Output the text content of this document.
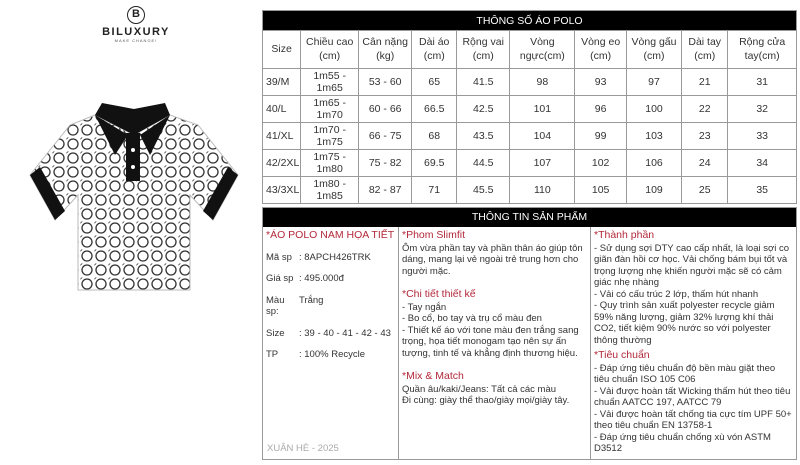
B
BILUXURY
MAKE CHANGE!
THÔNG SỐ ÁO POLO									
Size	Chiều cao (cm)	Cân nặng (kg)	Dài áo (cm)	Rộng vai (cm)	Vòng ngực(cm)	Vòng eo (cm)	Vòng gấu (cm)	Dài tay (cm)	Rộng cửa tay(cm)
39/M	1m55 - 1m65	53 - 60	65	41.5	98	93	97	21	31
40/L	1m65 - 1m70	60 - 66	66.5	42.5	101	96	100	22	32
41/XL	1m70 - 1m75	66 - 75	68	43.5	104	99	103	23	33
42/2XL	1m75 - 1m80	75 - 82	69.5	44.5	107	102	106	24	34
43/3XL	1m80 - 1m85	82 - 87	71	45.5	110	105	109	25	35
THÔNG TIN SẢN PHẨM
*ÁO POLO NAM HỌA TIẾT
Mã sp : 8APCH426TRK
Giá sp : 495.000đ
Màu sp:
Trắng
Size	: 39 - 40 - 41 - 42 - 43
TP	: 100% Recycle
XUÂN HÈ - 2025
*Phom Slimfit
Ôm vừa phần tay và phần thân áo giúp tôn dáng, mang lại vẻ ngoài trẻ trung hơn cho người mặc.
*Chi tiết thiết kế
- Tay ngắn
- Bo cổ, bo tay và trụ cổ màu đen
- Thiết kế áo với tone màu đen trắng sang trọng, họa tiết monogam tạo nên sự ấn tượng, tinh tế và khẳng định thương hiệu.
*Mix & Match
Quần âu/kaki/Jeans: Tất cả các màu
Đi cùng: giày thể thao/giày mọi/giày tây.
*Thành phần
- Sử dụng sợi DTY cao cấp nhất, là loại sợi co giãn đàn hồi cơ học. Vải chống bám bụi tốt và trọng lượng nhẹ khiến người mặc sẽ có cảm giác nhẹ nhàng
- Vải có cấu trúc 2 lớp, thấm hút nhanh
- Quy trình sản xuất polyester recycle giảm 59% năng lượng, giảm 32% lượng khí thải CO2, tiết kiệm 90% nước so với polyester thông thường
*Tiêu chuẩn
- Đáp ứng tiêu chuẩn độ bền màu giặt theo tiêu chuẩn ISO 105 C06
- Vải được hoàn tất Wicking thấm hút theo tiêu chuẩn AATCC 197, AATCC 79
- Vải được hoàn tất chống tia cực tím UPF 50+ theo tiêu chuẩn EN 13758-1
- Đáp ứng tiêu chuẩn chống xù vón ASTM D3512
